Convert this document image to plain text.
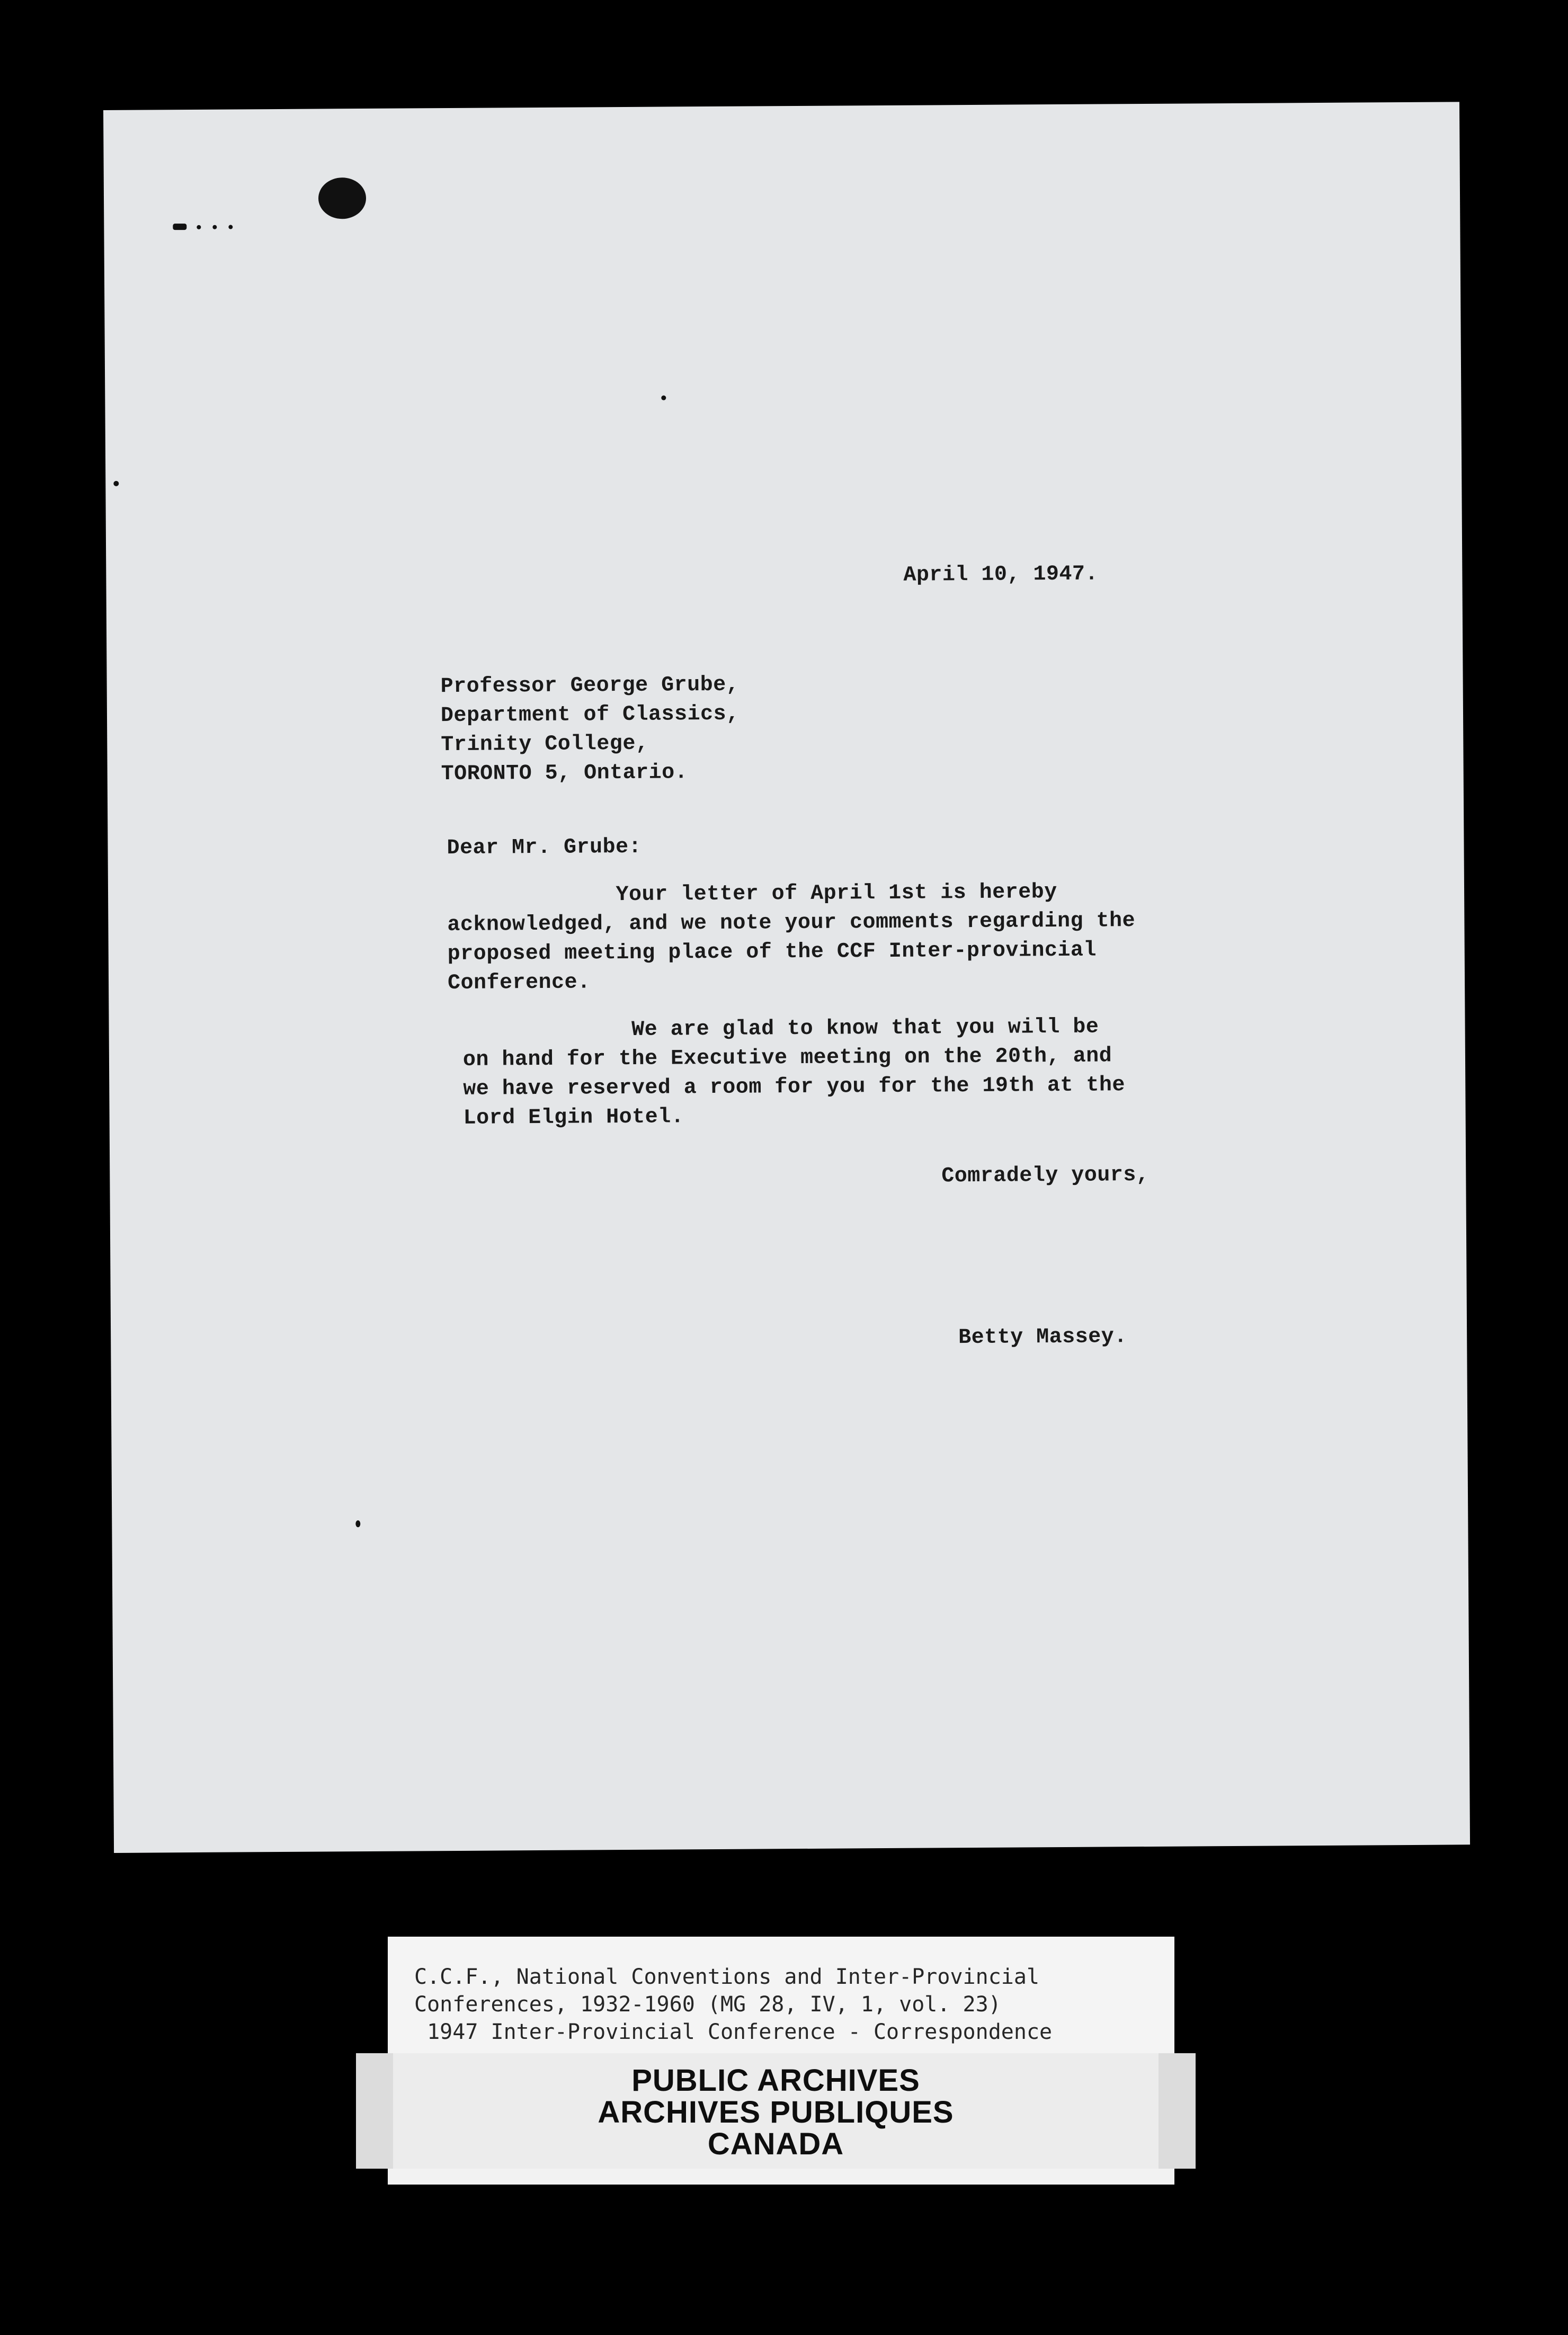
April 10, 1947.
Professor George Grube,
Department of Classics,
Trinity College,
TORONTO 5, Ontario.
Dear Mr. Grube:
Your letter of April 1st is hereby
acknowledged, and we note your comments regarding the
proposed meeting place of the CCF Inter-provincial
Conference.
We are glad to know that you will be
on hand for the Executive meeting on the 20th, and
we have reserved a room for you for the 19th at the
Lord Elgin Hotel.
Comradely yours,
Betty Massey.
C.C.F., National Conventions and Inter-Provincial
Conferences, 1932-1960 (MG 28, IV, 1, vol. 23)
1947 Inter-Provincial Conference - Correspondence
PUBLIC ARCHIVES
ARCHIVES PUBLIQUES
CANADA
